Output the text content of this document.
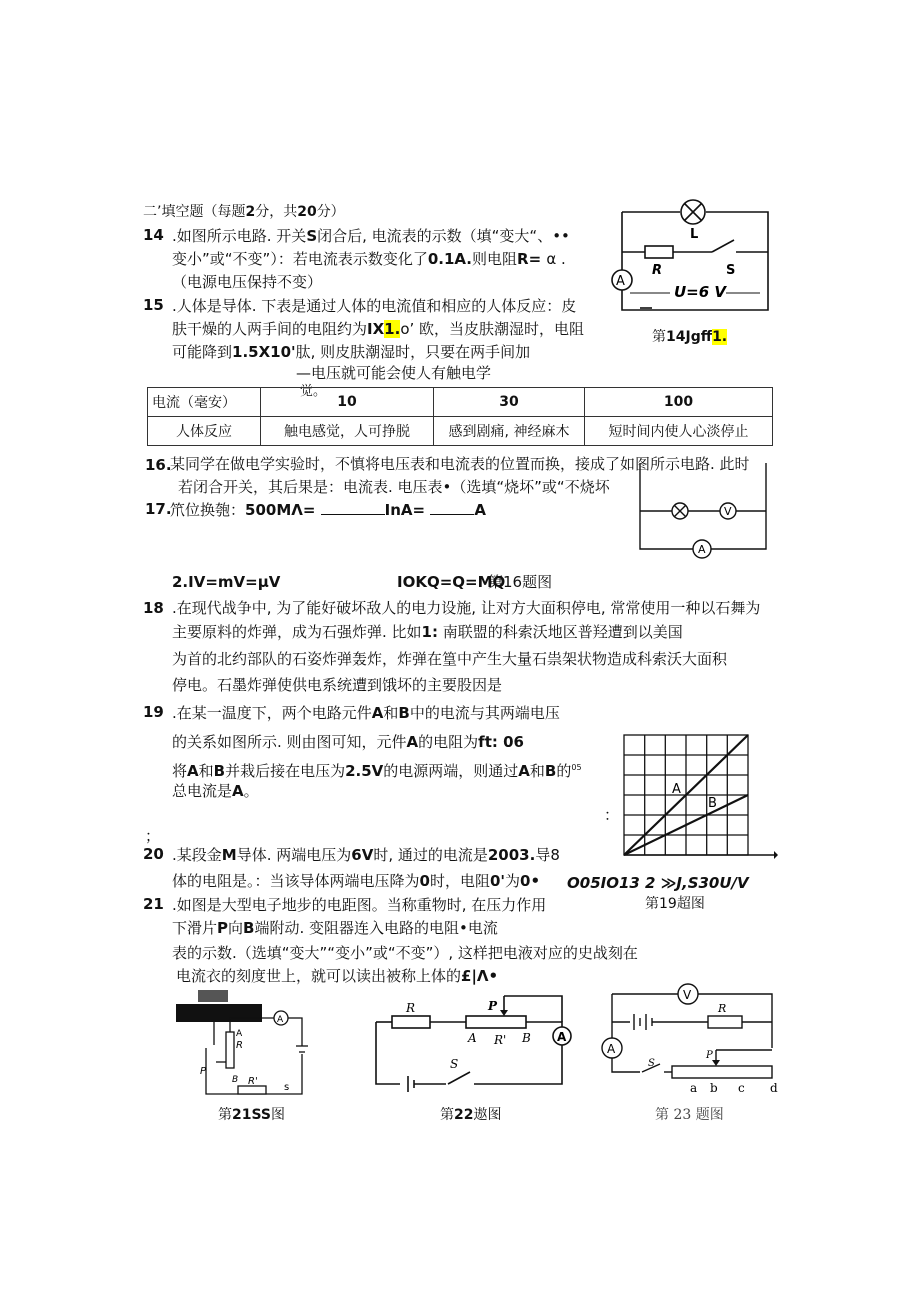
二’填空题（每题2分，共20分）
14 .如图所示电路. 开关S闭合后, 电流表的示数（填“变大“、••
变小”或“不变”）：若电流表示数变化了0.1A.则电阻R= α .
（电源电压保持不变）
L
R	S
A
U=6 V
第14Jgff1.
15 .人体是导体. 下表是通过人体的电流值和相应的人体反应：皮
肤干燥的人两手间的电阻约为IX1.o’ 欧，当皮肤潮湿时，电阻
可能降到1.5X10'肽, 则皮肤潮湿时，只要在两手间加
—电压就可能会使人有触电学
觉。
电流（毫安）	10	30	100
人体反应	触电感觉，人可挣脱	感到剧痛, 神经麻木	短时间内使人心淡停止
16.
某同学在做电学实验时，不慎将电压表和电流表的位置而换，接成了如图所示电路. 此时
若闭合开关，其后果是：电流表. 电压表•（选填“烧坏”或“不烧坏
V
A
17.
笊位换匏：500MΛ=	InA=	A
2.IV=mV=μV	IOKQ=Q=MQ
第16题图
18 .在现代战争中, 为了能好破坏敌人的电力设施, 让对方大面积停电, 常常使用一种以石舞为
主要原料的炸弹，成为石强炸弹. 比如1: 南联盟的科索沃地区普羟遭到以美国
为首的北约部队的石姿炸弹轰炸，炸弹在篁中产生大量石祟架状物造成科索沃大面积
停电。石墨炸弹使供电系统遭到饿坏的主要股因是
19 .在某一温度下，两个电路元件A和B中的电流与其两端电压
的关系如图所示. 则由图可知，元件A的电阻为ft: 06
将A和B并栽后接在电压为2.5V的电源两端，则通过A和B的$^{05}$
总电流是A。
：
；
A
B
O05IO13 2 ≫J,S30U/V
第19超图
20 .某段金M导体. 两端电压为6V时, 通过的电流是2003.导8
体的电阻是。：当该导体两端电压降为0时，电阻0'为0•
21 .如图是大型电子地步的电距图。当称重物时, 在压力作用
下滑片P向B端附动. 变阻器连入电路的电阻•电流
表的示数.（选填“变大”“变小”或“不变”）, 这样把电液对应的史战刻在
电流衣的刻度世上，就可以读出被称上体的£|Λ•
A
R
P
A
B R'
s
第21SS图
A
R	P
A R' B
S
第22遨图
V
A
R
S
P
a b c d
第 23 题图
